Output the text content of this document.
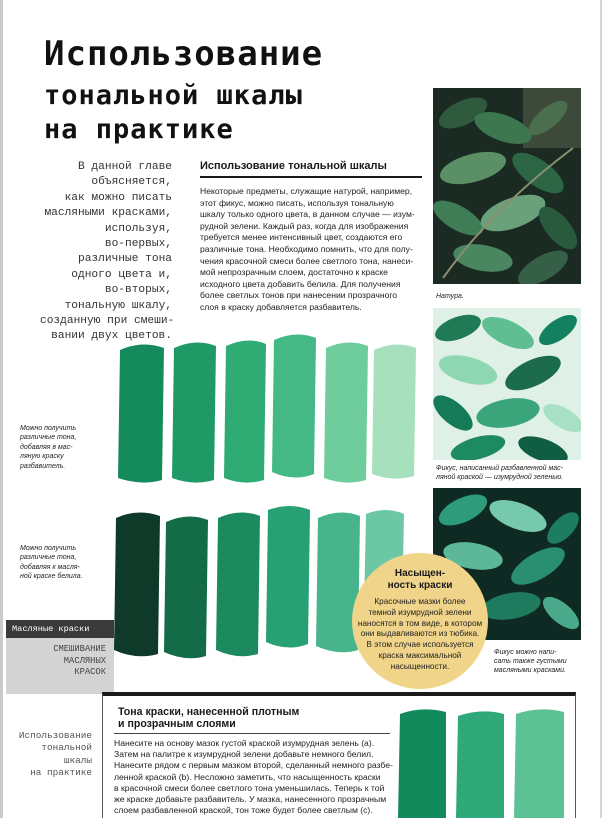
Использование
тональной шкалы
на практике
В данной главе
объясняется,
как можно писать
масляными красками,
используя,
во-первых,
различные тона
одного цвета и,
во-вторых,
тональную шкалу,
созданную при смеши-
вании двух цветов.
Использование тональной шкалы
Некоторые предметы, служащие натурой, например,
этот фикус, можно писать, используя тональную
шкалу только одного цвета, в данном случае — изум-
рудной зелени. Каждый раз, когда для изображения
требуется менее интенсивный цвет, создаются его
различные тона. Необходимо помнить, что для полу-
чения красочной смеси более светлого тона, нанеси-
мой непрозрачным слоем, достаточно к краске
исходного цвета добавить белила. Для получения
более светлых тонов при нанесении прозрачного
слоя в краску добавляется разбавитель.
Натура.
Фикус, написанный разбавленной мас-
ляной краской — изумрудной зеленью.
Фикус можно напи-
сать также густыми
масляными красками.
Можно получить
различные тона,
добавляя в мас-
ляную краску
разбавитель.
Можно получить
различные тона,
добавляя к масля-
ной краске белила.	Насыщен-
ность краски
Красочные мазки более
темной изумрудной зелени
наносятся в том виде, в котором
они выдавливаются из тюбика.
В этом случае используется
краска максимальной
насыщенности.
Масляные краски
СМЕШИВАНИЕ
МАСЛЯНЫХ
КРАСОК
Использование
тональной
шкалы
на практике
Тона краски, нанесенной плотным
и прозрачным слоями
Нанесите на основу мазок густой краской изумрудная зелень (a).
Затем на палитре к изумрудной зелени добавьте немного белил.
Нанесите рядом с первым мазком второй, сделанный немного разбе-
ленной краской (b). Несложно заметить, что насыщенность краски
в красочной смеси более светлого тона уменьшилась. Теперь к той
же краске добавьте разбавитель. У мазка, нанесенного прозрачным
слоем разбавленной краской, тон тоже будет более светлым (c).
